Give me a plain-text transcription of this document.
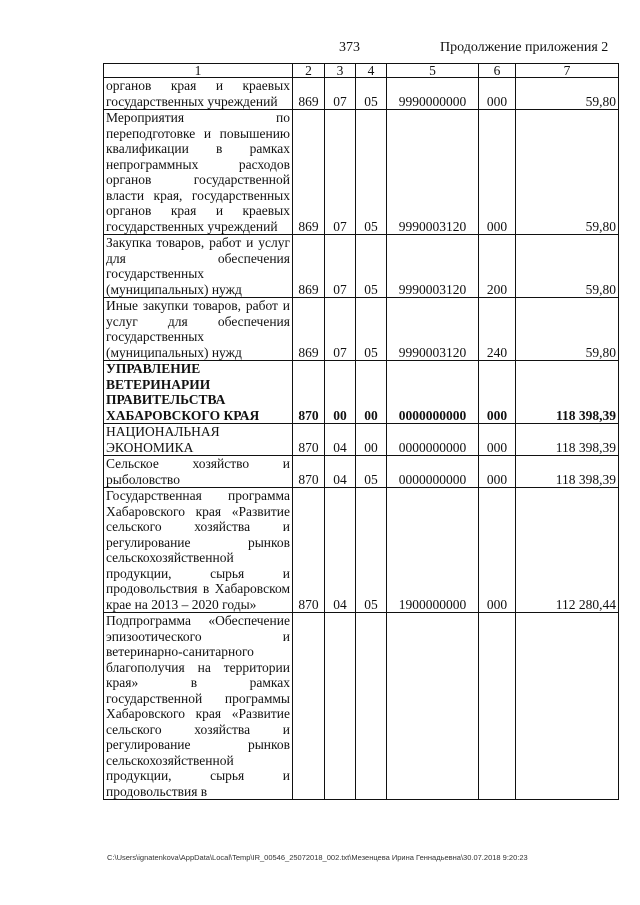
373	Продолжение приложения 2
1	2	3	4	5	6	7
органов края и краевых государственных учреждений	869	07	05	9990000000	000	59,80
Мероприятия по переподготовке и повышению квалификации в рамках непрограммных расходов органов государственной власти края, государственных органов края и краевых государственных учреждений	869	07	05	9990003120	000	59,80
Закупка товаров, работ и услуг для обеспечения государственных (муниципальных) нужд	869	07	05	9990003120	200	59,80
Иные закупки товаров, работ и услуг для обеспечения государственных (муниципальных) нужд	869	07	05	9990003120	240	59,80
УПРАВЛЕНИЕ ВЕТЕРИНАРИИ ПРАВИТЕЛЬСТВА ХАБАРОВСКОГО КРАЯ	870	00	00	0000000000	000	118 398,39
НАЦИОНАЛЬНАЯ ЭКОНОМИКА	870	04	00	0000000000	000	118 398,39
Сельское хозяйство и рыболовство	870	04	05	0000000000	000	118 398,39
Государственная программа Хабаровского края «Развитие сельского хозяйства и регулирование рынков сельскохозяйственной продукции, сырья и продовольствия в Хабаровском крае на 2013 – 2020 годы»	870	04	05	1900000000	000	112 280,44
Подпрограмма «Обеспечение эпизоотического и ветеринарно-санитарного благополучия на территории края» в рамках государственной программы Хабаровского края «Развитие сельского хозяйства и регулирование рынков сельскохозяйственной продукции, сырья и продовольствия в						
C:\Users\ignatenkova\AppData\Local\Temp\IR_00546_25072018_002.txt\Мезенцева Ирина Геннадьевна\30.07.2018 9:20:23
